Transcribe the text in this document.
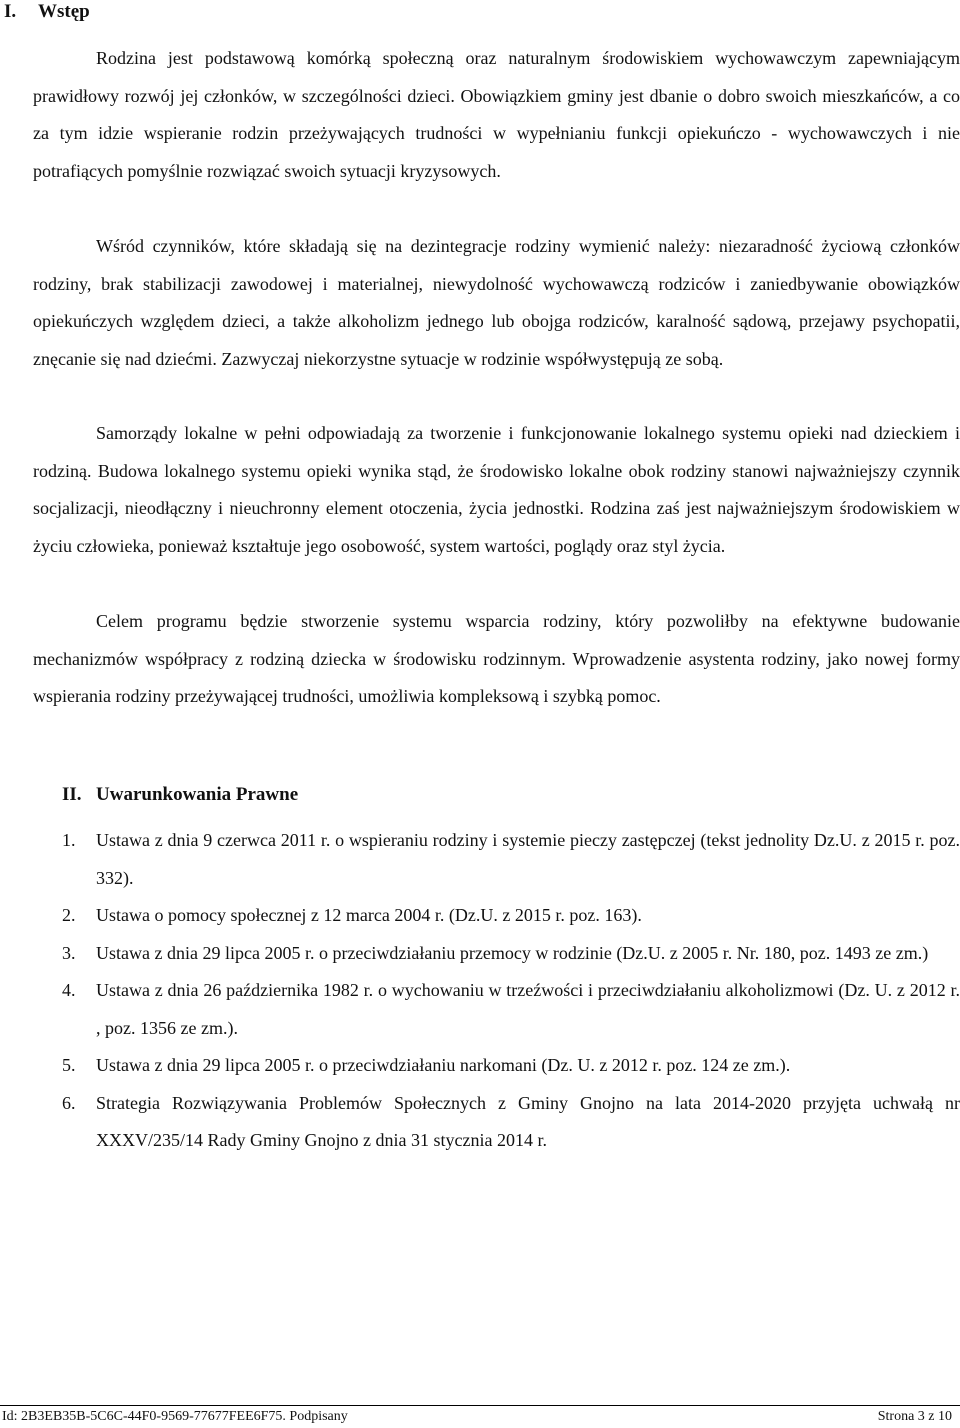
I. Wstęp

Rodzina jest podstawową komórką społeczną oraz naturalnym środowiskiem wychowawczym zapewniającym prawidłowy rozwój jej członków, w szczególności dzieci. Obowiązkiem gminy jest dbanie o dobro swoich mieszkańców, a co za tym idzie wspieranie rodzin przeżywających trudności w wypełnianiu funkcji opiekuńczo - wychowawczych i nie potrafiących pomyślnie rozwiązać swoich sytuacji kryzysowych.

Wśród czynników, które składają się na dezintegracje rodziny wymienić należy: niezaradność życiową członków rodziny, brak stabilizacji zawodowej i materialnej, niewydolność wychowawczą rodziców i zaniedbywanie obowiązków opiekuńczych względem dzieci, a także alkoholizm jednego lub obojga rodziców, karalność sądową, przejawy psychopatii, znęcanie się nad dziećmi. Zazwyczaj niekorzystne sytuacje w rodzinie współwystępują ze sobą.

Samorządy lokalne w pełni odpowiadają za tworzenie i funkcjonowanie lokalnego systemu opieki nad dzieckiem i rodziną. Budowa lokalnego systemu opieki wynika stąd, że środowisko lokalne obok rodziny stanowi najważniejszy czynnik socjalizacji, nieodłączny i nieuchronny element otoczenia, życia jednostki. Rodzina zaś jest najważniejszym środowiskiem w życiu człowieka, ponieważ kształtuje jego osobowość, system wartości, poglądy oraz styl życia.

Celem programu będzie stworzenie systemu wsparcia rodziny, który pozwoliłby na efektywne budowanie mechanizmów współpracy z rodziną dziecka w środowisku rodzinnym. Wprowadzenie asystenta rodziny, jako nowej formy wspierania rodziny przeżywającej trudności, umożliwia kompleksową i szybką pomoc.

II. Uwarunkowania Prawne
1. Ustawa z dnia 9 czerwca 2011 r. o wspieraniu rodziny i systemie pieczy zastępczej (tekst jednolity Dz.U. z 2015 r. poz. 332).
2. Ustawa o pomocy społecznej z 12 marca 2004 r. (Dz.U. z 2015 r. poz. 163).
3. Ustawa z dnia 29 lipca 2005 r. o przeciwdziałaniu przemocy w rodzinie (Dz.U. z 2005 r. Nr. 180, poz. 1493 ze zm.)
4. Ustawa z dnia 26 października 1982 r. o wychowaniu w trzeźwości i przeciwdziałaniu alkoholizmowi (Dz. U. z 2012 r. , poz. 1356 ze zm.).
5. Ustawa z dnia 29 lipca 2005 r. o przeciwdziałaniu narkomani (Dz. U. z 2012 r. poz. 124 ze zm.).
6. Strategia Rozwiązywania Problemów Społecznych z Gminy Gnojno na lata 2014-2020 przyjęta uchwałą nr XXXV/235/14 Rady Gminy Gnojno z dnia 31 stycznia 2014 r.
Id: 2B3EB35B-5C6C-44F0-9569-77677FEE6F75. Podpisany	Strona 3 z 10
